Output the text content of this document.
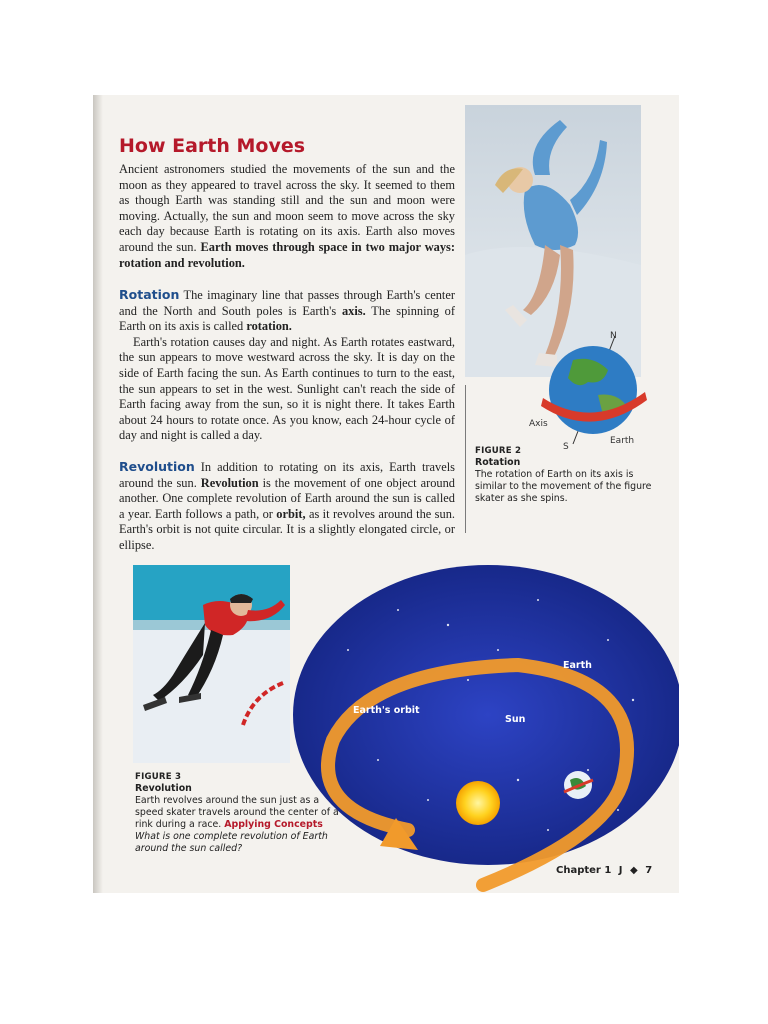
How Earth Moves

Ancient astronomers studied the movements of the sun and the moon as they appeared to travel across the sky. It seemed to them as though Earth was standing still and the sun and moon were moving. Actually, the sun and moon seem to move across the sky each day because Earth is rotating on its axis. Earth also moves around the sun. Earth moves through space in two major ways: rotation and revolution.

Rotation The imaginary line that passes through Earth's center and the North and South poles is Earth's axis. The spinning of Earth on its axis is called rotation.
Earth's rotation causes day and night. As Earth rotates eastward, the sun appears to move westward across the sky. It is day on the side of Earth facing the sun. As Earth continues to turn to the east, the sun appears to set in the west. Sunlight can't reach the side of Earth facing away from the sun, so it is night there. It takes Earth about 24 hours to rotate once. As you know, each 24-hour cycle of day and night is called a day.

Revolution In addition to rotating on its axis, Earth travels around the sun. Revolution is the movement of one object around another. One complete revolution of Earth around the sun is called a year. Earth follows a path, or orbit, as it revolves around the sun. Earth's orbit is not quite circular. It is a slightly elongated circle, or ellipse.

N
S
Axis
Earth
FIGURE 2
Rotation
The rotation of Earth on its axis is similar to the movement of the figure skater as she spins.
FIGURE 3
Revolution
Earth revolves around the sun just as a speed skater travels around the center of a rink during a race. Applying Concepts What is one complete revolution of Earth around the sun called?
Earth's orbit
Sun
Earth
Chapter 1 J ◆ 7
